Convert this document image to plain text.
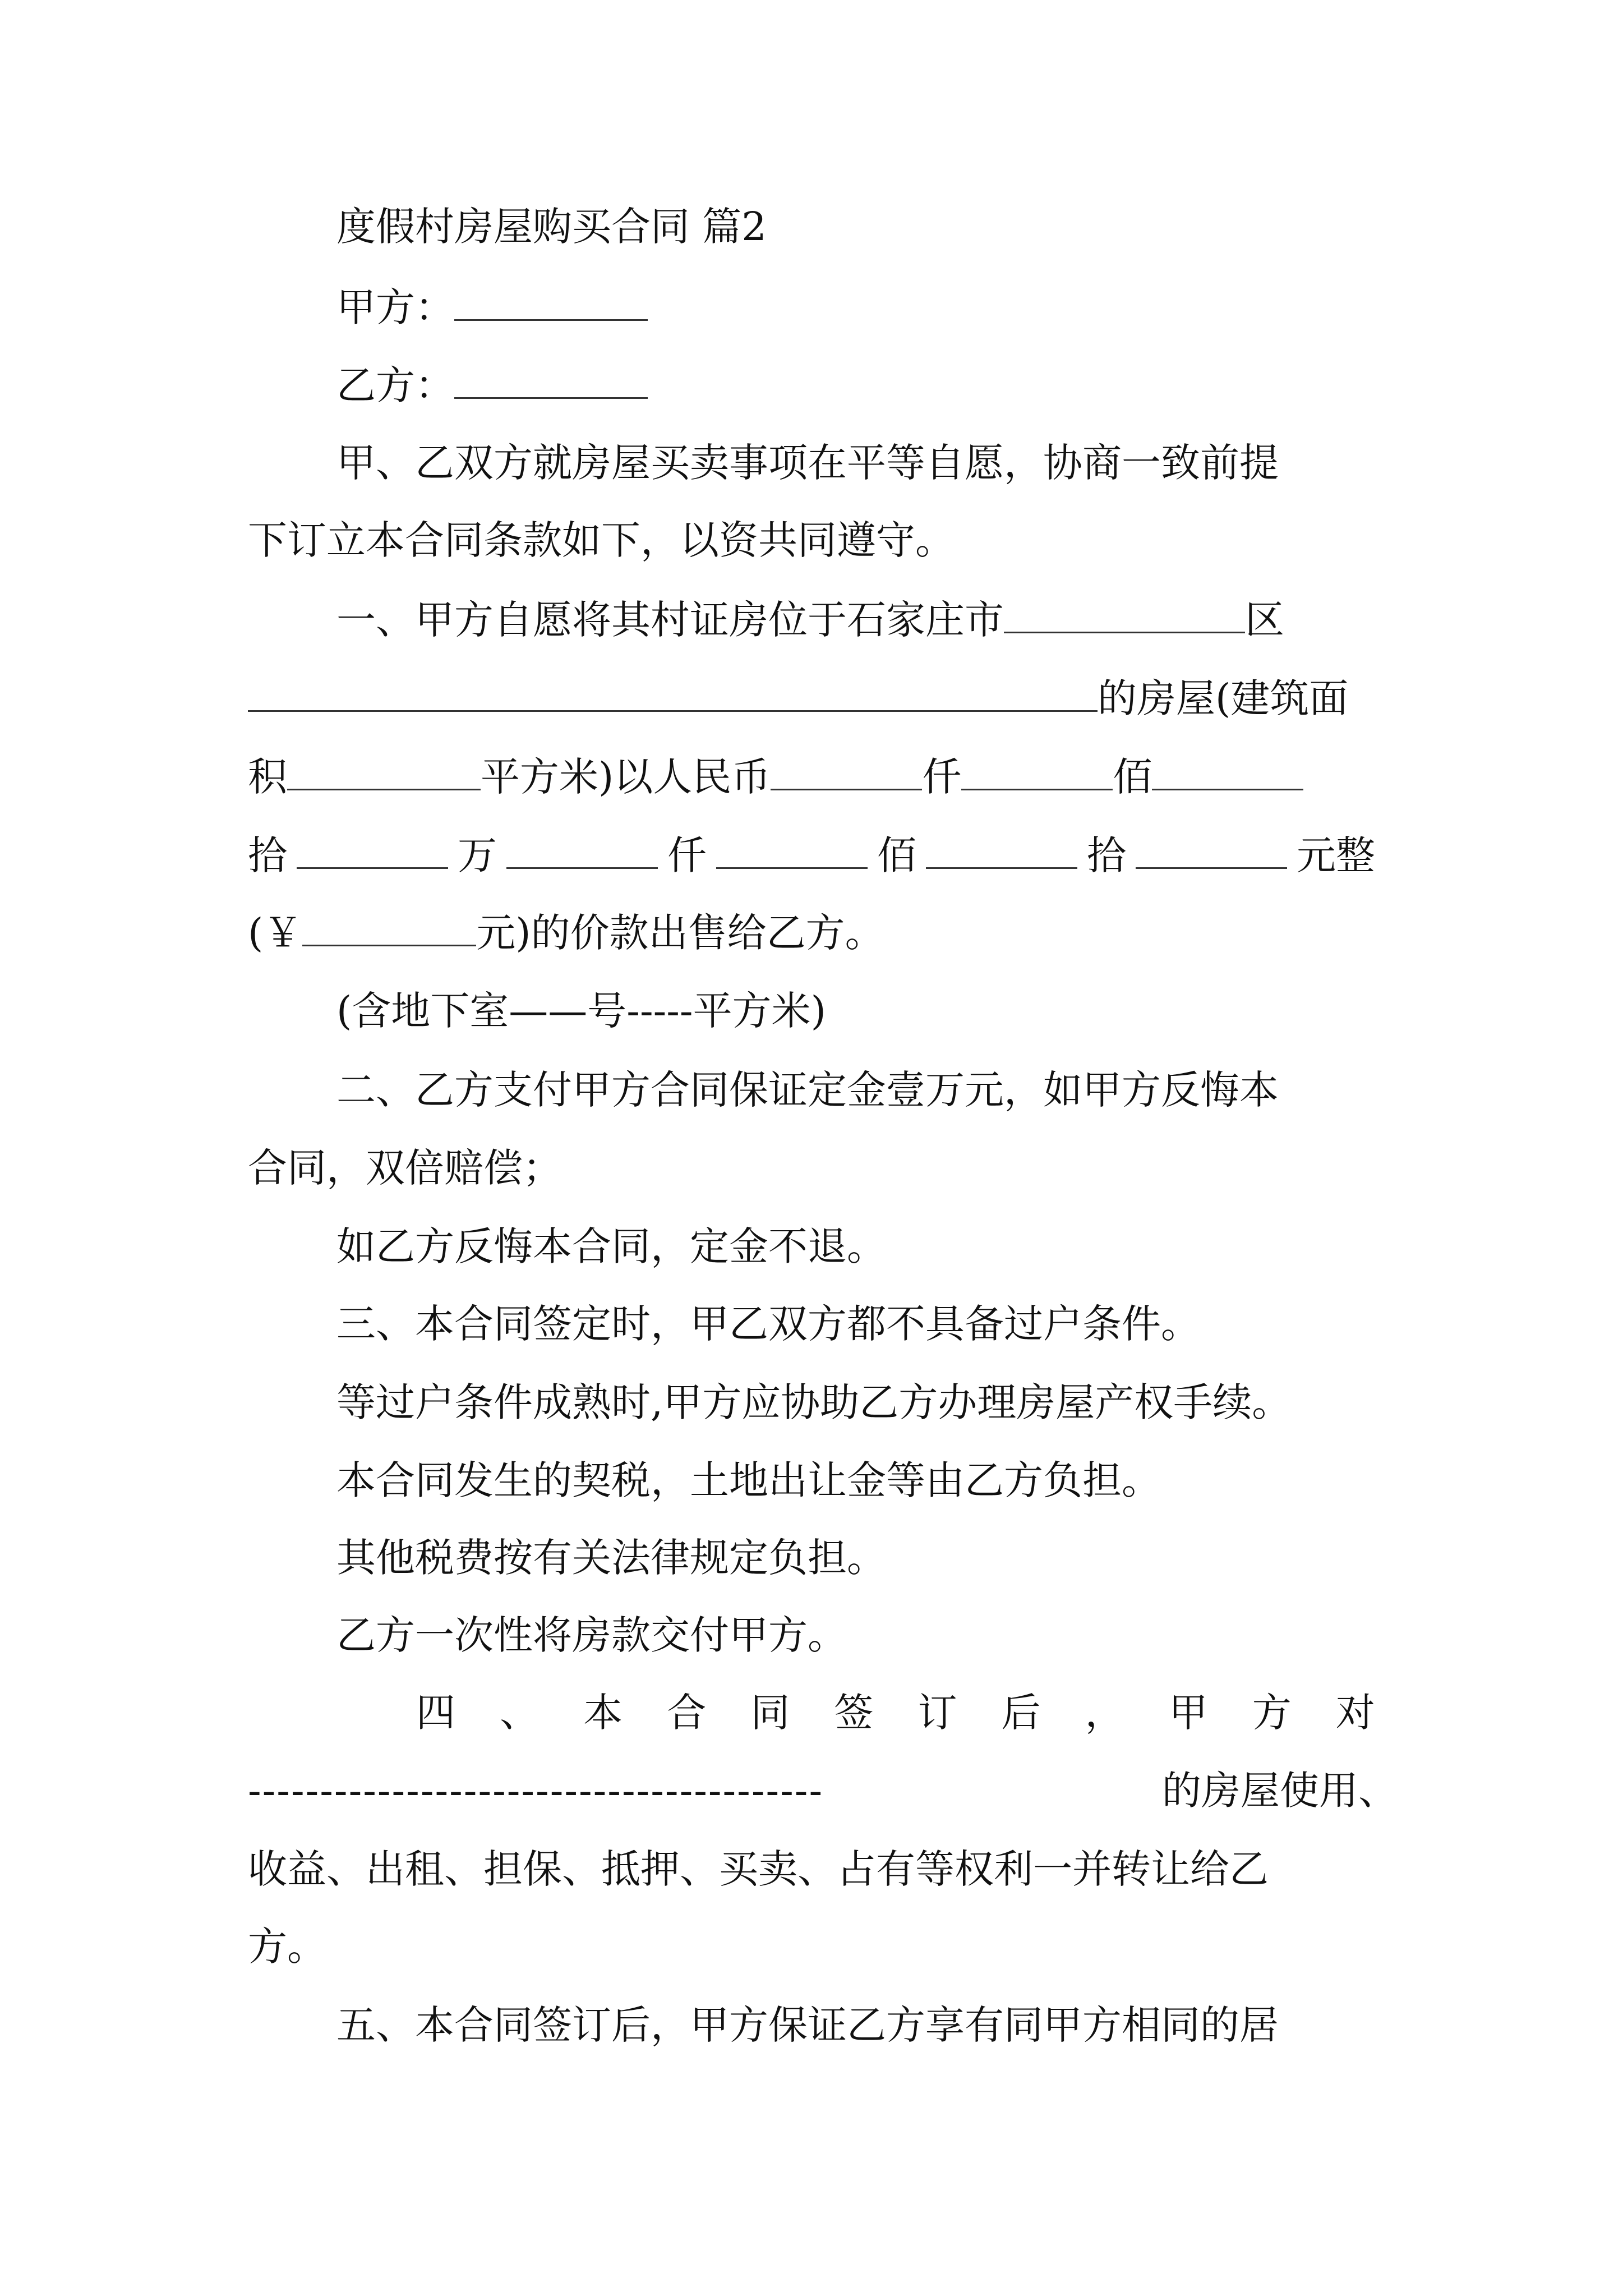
度假村房屋购买合同 篇2
甲方：
乙方：
甲、乙双方就房屋买卖事项在平等自愿，协商一致前提
下订立本合同条款如下，以资共同遵守。
一、甲方自愿将其村证房位于石家庄市	区
的房屋(建筑面
积	平方米)以人民币	仟	佰
拾	万	仟	佰	拾	元整
(￥	元)的价款出售给乙方。
(含地下室——号-----平方米)
二、乙方支付甲方合同保证定金壹万元，如甲方反悔本
合同，双倍赔偿；
如乙方反悔本合同，定金不退。
三、本合同签定时，甲乙双方都不具备过户条件。
等过户条件成熟时,甲方应协助乙方办理房屋产权手续。
本合同发生的契税，土地出让金等由乙方负担。
其他税费按有关法律规定负担。
乙方一次性将房款交付甲方。
四 、 本 合 同 签 订 后 ， 甲 方 对
----------------------------------------	的房屋使用、
收益、出租、担保、抵押、买卖、占有等权利一并转让给乙
方。
五、本合同签订后，甲方保证乙方享有同甲方相同的居
